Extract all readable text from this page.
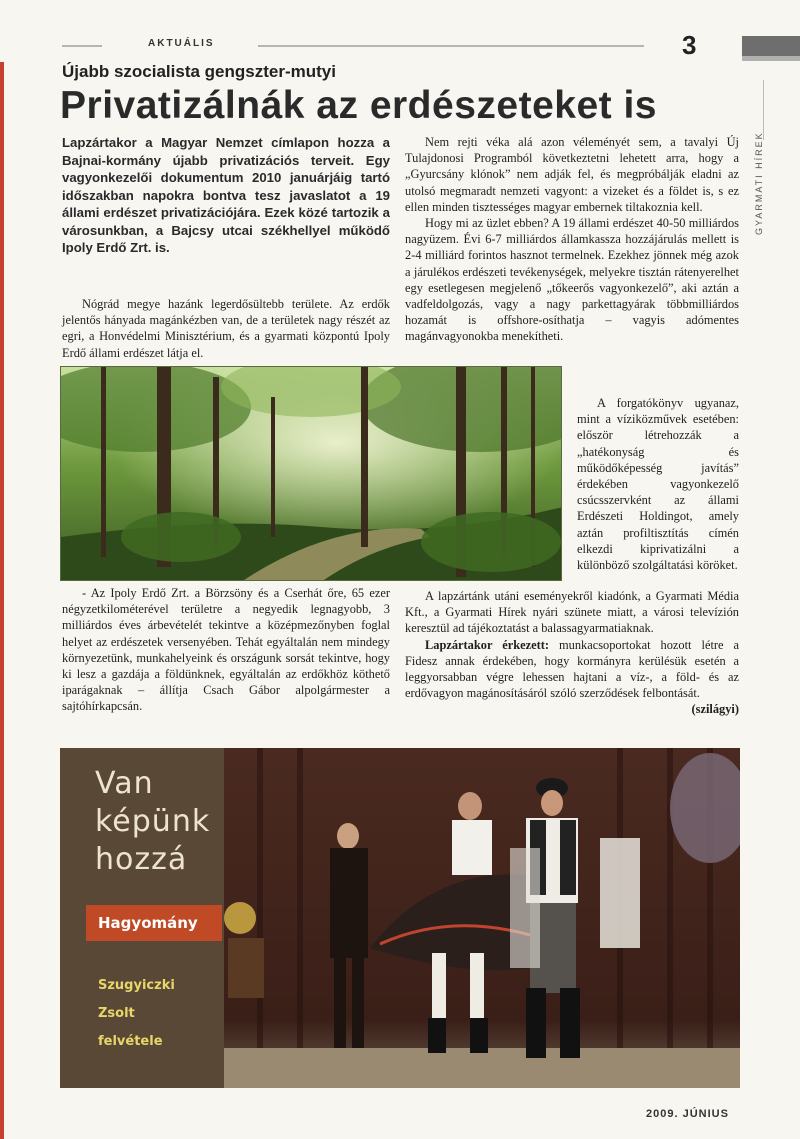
AKTUÁLIS	3
GYARMATI HÍREK
Újabb szocialista gengszter-mutyi
Privatizálnák az erdészeteket is
Lapzártakor a Magyar Nemzet címlapon hozza a Bajnai-kormány újabb privatizációs terveit. Egy vagyonkezelői dokumentum 2010 januárjáig tartó időszakban napokra bontva tesz javaslatot a 19 állami erdészet privatizációjára. Ezek közé tartozik a városunkban, a Bajcsy utcai székhellyel működő Ipoly Erdő Zrt. is.
Nógrád megye hazánk legerdősültebb területe. Az erdők jelentős hányada magánkézben van, de a területek nagy részét az egri, a Honvédelmi Minisztérium, és a gyarmati központú Ipoly Erdő állami erdészet látja el.
- Az Ipoly Erdő Zrt. a Börzsöny és a Cserhát őre, 65 ezer négyzetkilométerével területre a negyedik legnagyobb, 3 milliárdos éves árbevételét tekintve a középmezőnyben foglal helyet az erdészetek versenyében. Tehát egyáltalán nem mindegy környezetünk, munkahelyeink és országunk sorsát tekintve, hogy ki lesz a gazdája a földünknek, egyáltalán az erdőkhöz köthető iparágaknak – állítja Csach Gábor alpolgármester a sajtóhírkapcsán.

Nem rejti véka alá azon véleményét sem, a tavalyi Új Tulajdonosi Programból következtetni lehetett arra, hogy a „Gyurcsány klónok” nem adják fel, és megpróbálják eladni az utolsó megmaradt nemzeti vagyont: a vizeket és a földet is, s ez ellen minden tisztességes magyar embernek tiltakoznia kell.

Hogy mi az üzlet ebben? A 19 állami erdészet 40-50 milliárdos nagyüzem. Évi 6-7 milliárdos államkassza hozzájárulás mellett is 2-4 milliárd forintos hasznot termelnek. Ezekhez jönnek még azok a járulékos erdészeti tevékenységek, melyekre tisztán rátenyerelhet egy esetlegesen megjelenő „tőkeerős vagyonkezelő”, aki aztán a vadfeldolgozás, vagy a nagy parkettagyárak többmilliárdos hozamát is offshore-osíthatja – vagyis adómentes magánvagyonokba menekítheti.

A forgatókönyv ugyanaz, mint a víziközművek esetében: először létrehozzák a „hatékonyság és működőképesség javítás” érdekében vagyonkezelő csúcsszervként az állami Erdészeti Holdingot, amely aztán profiltisztítás címén elkezdi kiprivatizálni a különböző szolgáltatási köröket.

A lapzártánk utáni eseményekről kiadónk, a Gyarmati Média Kft., a Gyarmati Hírek nyári szünete miatt, a városi televízión keresztül ad tájékoztatást a balassagyarmatiaknak.

Lapzártakor érkezett: munkacsoportokat hozott létre a Fidesz annak érdekében, hogy kormányra kerülésük esetén a leggyorsabban végre lehessen hajtani a víz-, a föld- és az erdővagyon magánosításáról szóló szerződések felbontását.
(szilágyi)

Van
képünk
hozzá
Hagyomány
Szugyiczki
Zsolt
felvétele
2009. JÚNIUS
